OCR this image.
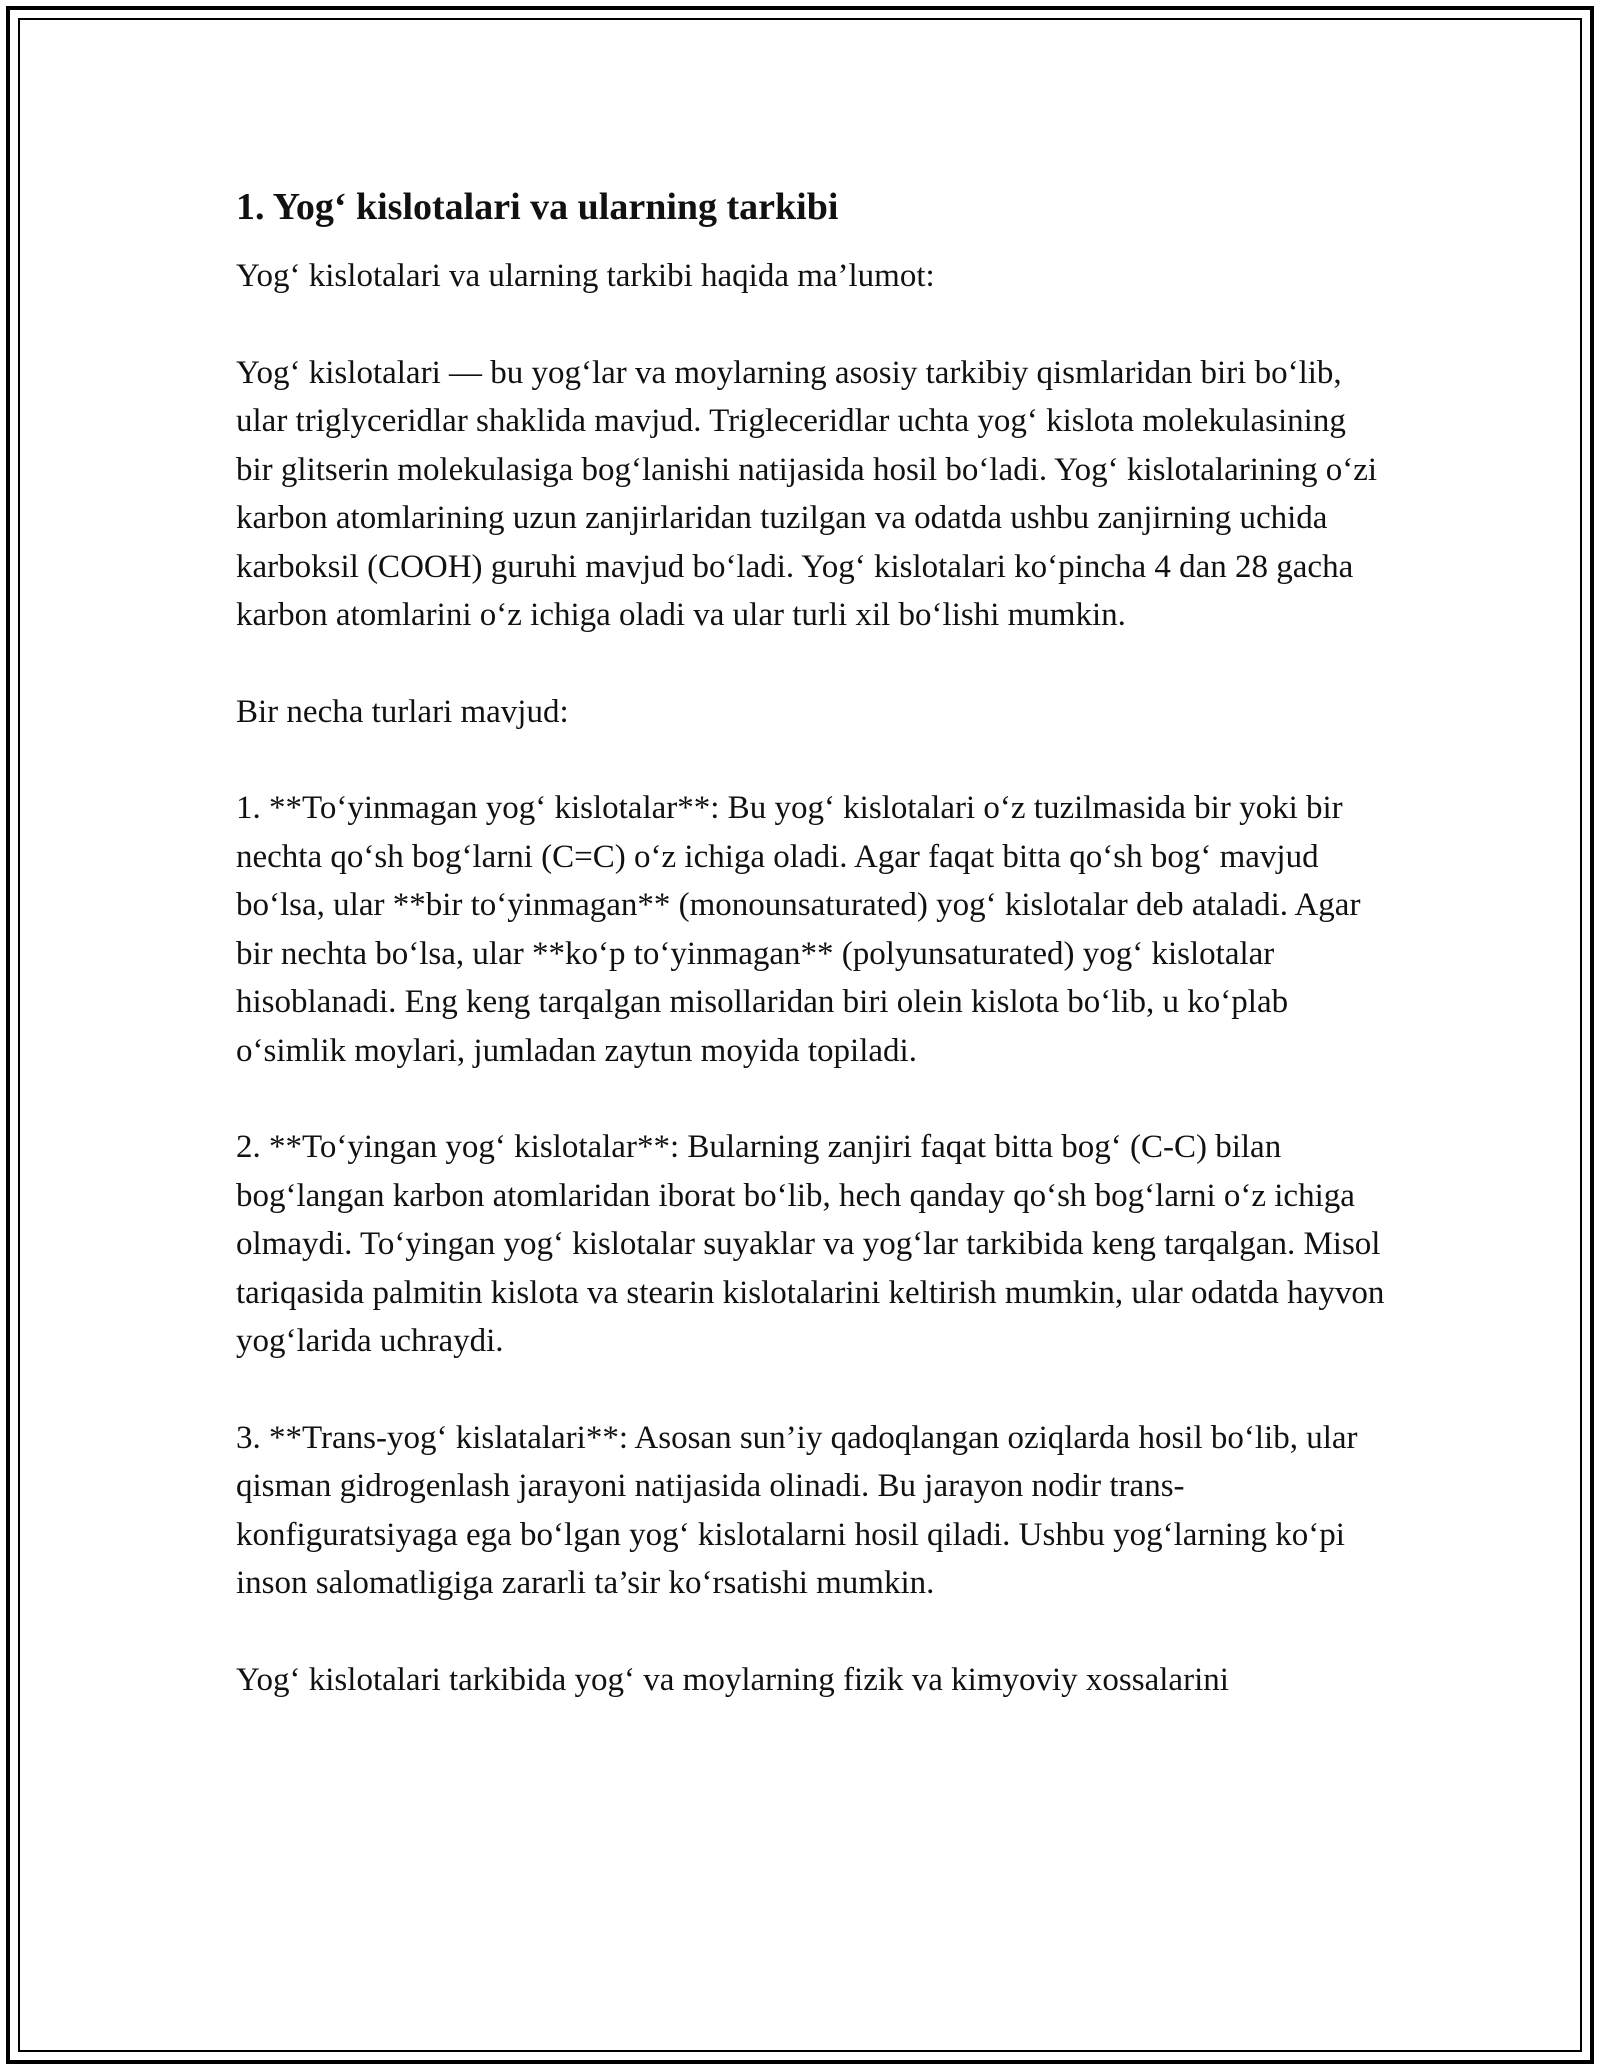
1. Yog‘ kislotalari va ularning tarkibi

Yog‘ kislotalari va ularning tarkibi haqida ma’lumot:

Yog‘ kislotalari — bu yog‘lar va moylarning asosiy tarkibiy qismlaridan biri bo‘lib, ular triglyceridlar shaklida mavjud. Trigleceridlar uchta yog‘ kislota molekulasining bir glitserin molekulasiga bog‘lanishi natijasida hosil bo‘ladi. Yog‘ kislotalarining o‘zi karbon atomlarining uzun zanjirlaridan tuzilgan va odatda ushbu zanjirning uchida karboksil (COOH) guruhi mavjud bo‘ladi. Yog‘ kislotalari ko‘pincha 4 dan 28 gacha karbon atomlarini o‘z ichiga oladi va ular turli xil bo‘lishi mumkin.

Bir necha turlari mavjud:

1. **To‘yinmagan yog‘ kislotalar**: Bu yog‘ kislotalari o‘z tuzilmasida bir yoki bir nechta qo‘sh bog‘larni (C=C) o‘z ichiga oladi. Agar faqat bitta qo‘sh bog‘ mavjud bo‘lsa, ular **bir to‘yinmagan** (monounsaturated) yog‘ kislotalar deb ataladi. Agar bir nechta bo‘lsa, ular **ko‘p to‘yinmagan** (polyunsaturated) yog‘ kislotalar hisoblanadi. Eng keng tarqalgan misollaridan biri olein kislota bo‘lib, u ko‘plab o‘simlik moylari, jumladan zaytun moyida topiladi.

2. **To‘yingan yog‘ kislotalar**: Bularning zanjiri faqat bitta bog‘ (C-C) bilan bog‘langan karbon atomlaridan iborat bo‘lib, hech qanday qo‘sh bog‘larni o‘z ichiga olmaydi. To‘yingan yog‘ kislotalar suyaklar va yog‘lar tarkibida keng tarqalgan. Misol tariqasida palmitin kislota va stearin kislotalarini keltirish mumkin, ular odatda hayvon yog‘larida uchraydi.

3. **Trans-yog‘ kislatalari**: Asosan sun’iy qadoqlangan oziqlarda hosil bo‘lib, ular qisman gidrogenlash jarayoni natijasida olinadi. Bu jarayon nodir trans-konfiguratsiyaga ega bo‘lgan yog‘ kislotalarni hosil qiladi. Ushbu yog‘larning ko‘pi inson salomatligiga zararli ta’sir ko‘rsatishi mumkin.

Yog‘ kislotalari tarkibida yog‘ va moylarning fizik va kimyoviy xossalarini
